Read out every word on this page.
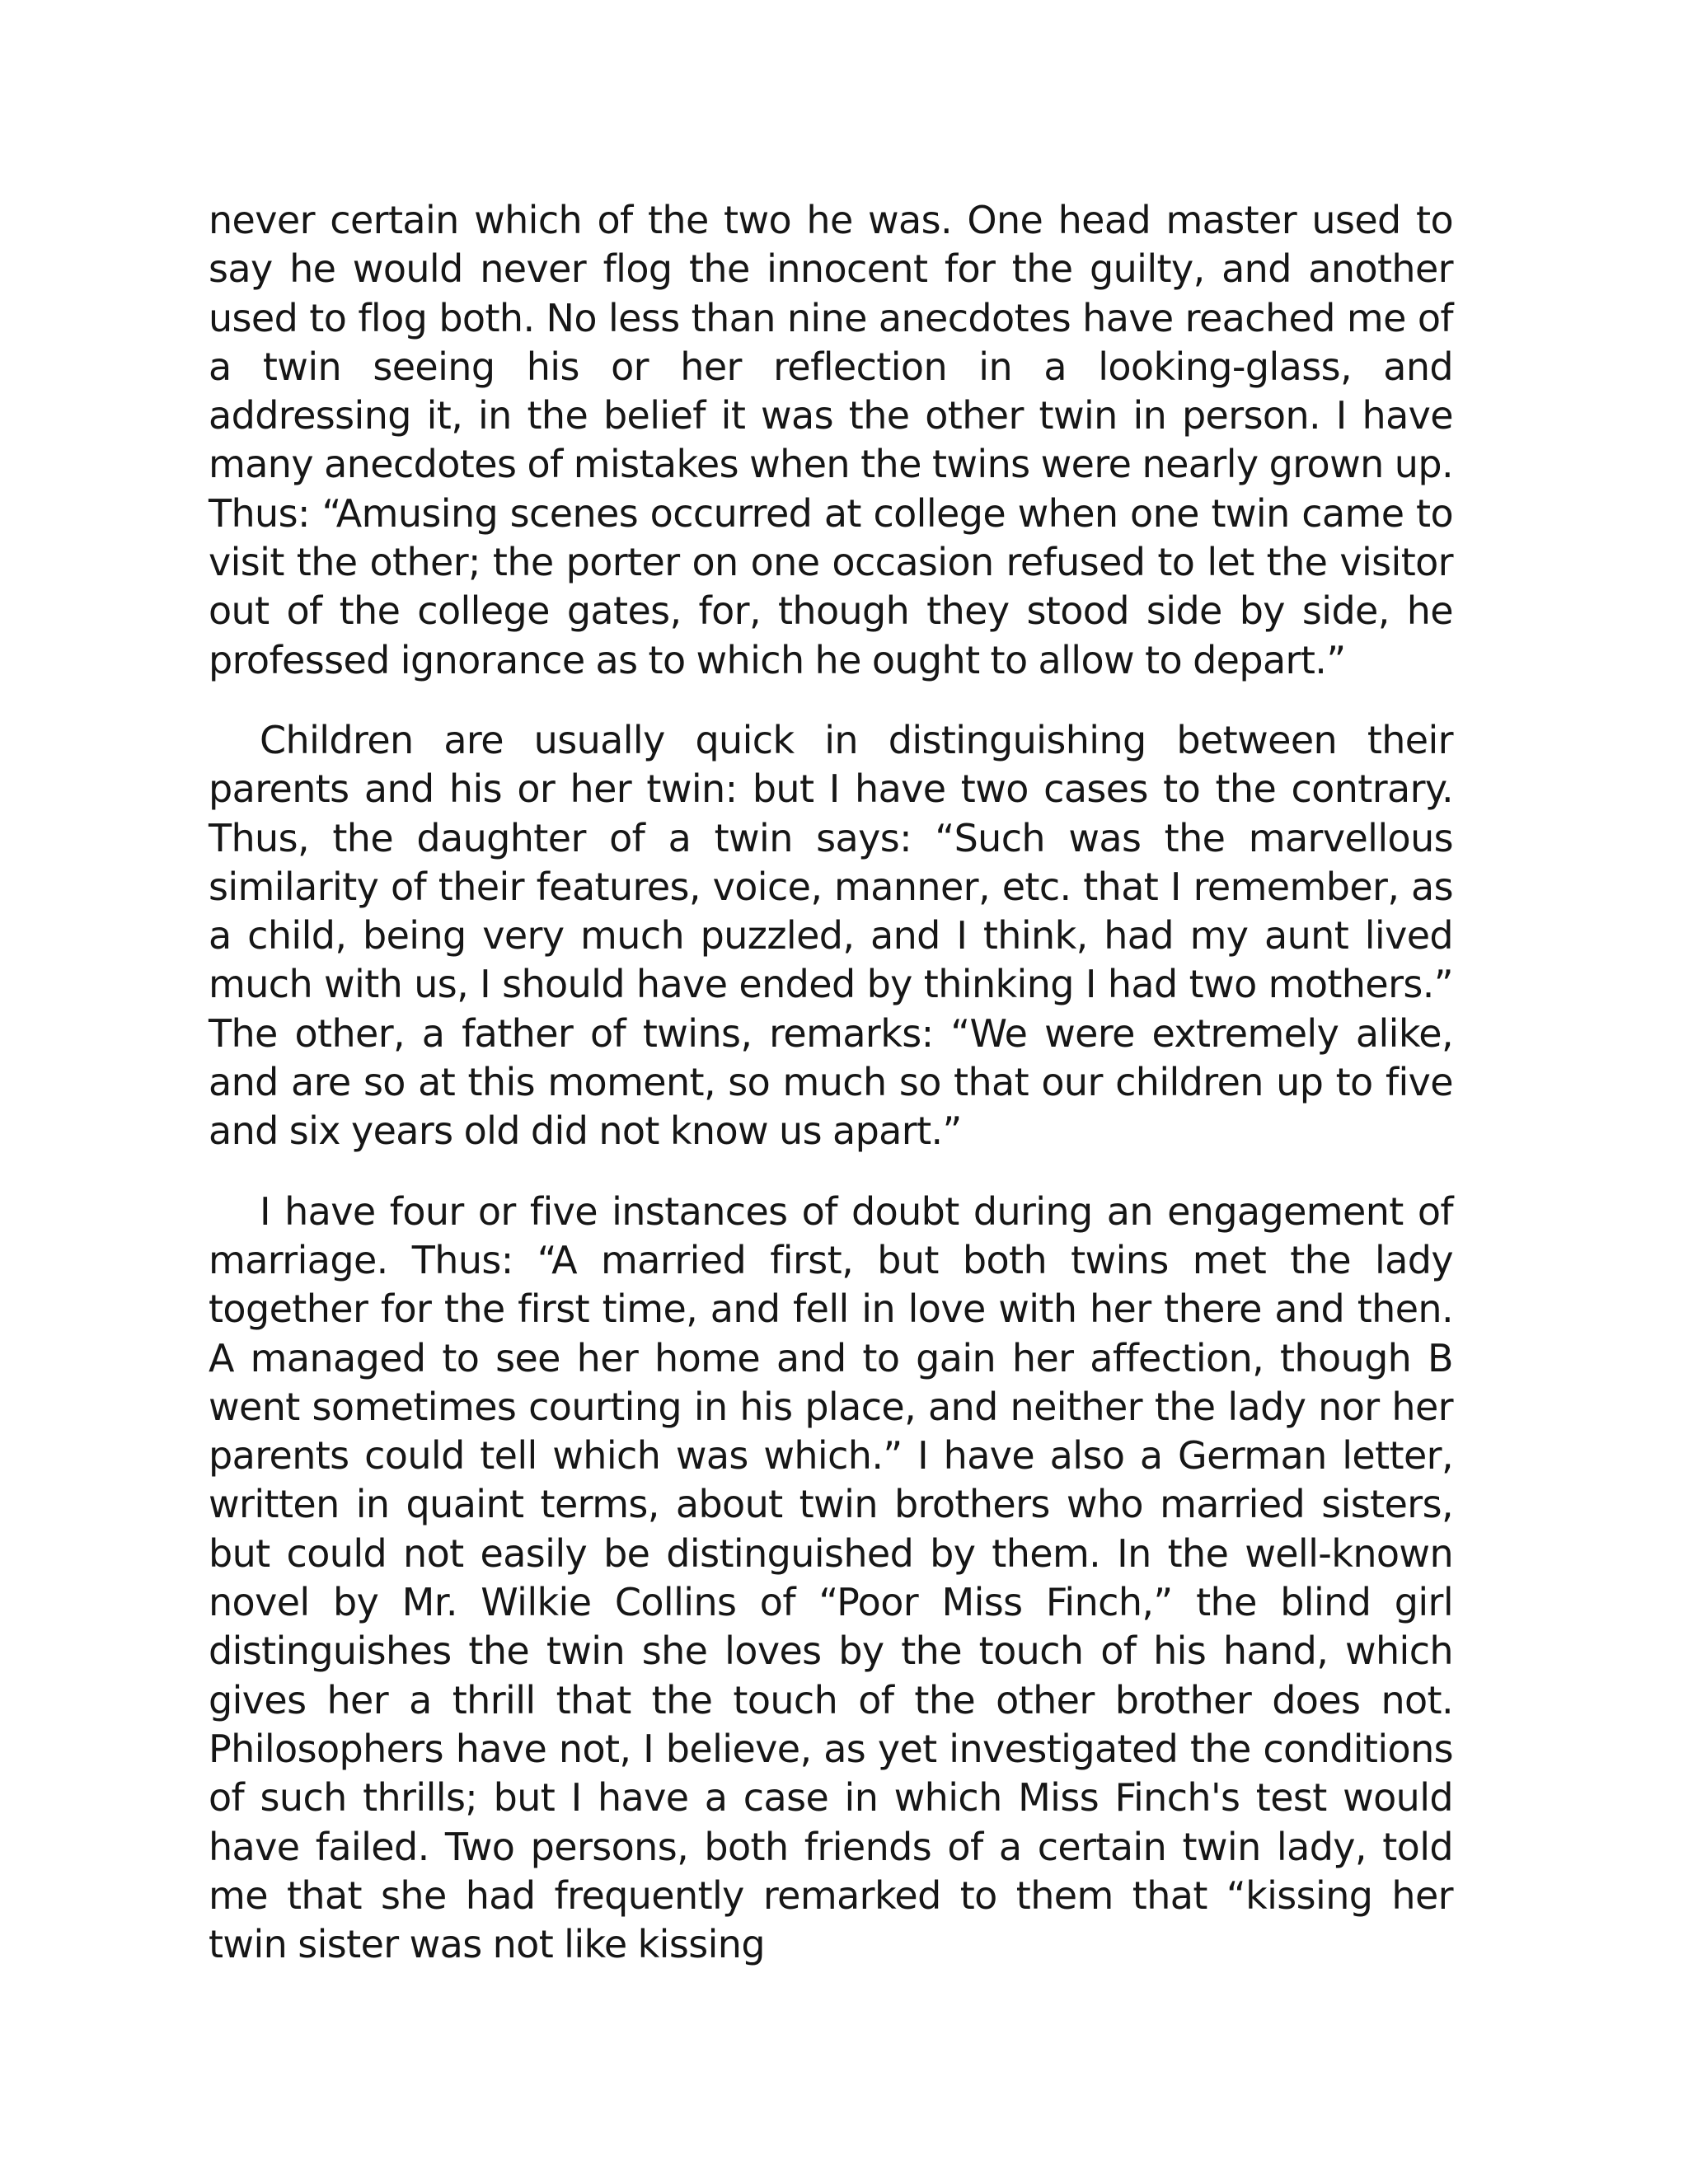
never certain which of the two he was. One head master used to say he would never flog the innocent for the guilty, and another used to flog both. No less than nine anecdotes have reached me of a twin seeing his or her reflection in a looking-glass, and addressing it, in the belief it was the other twin in person. I have many anecdotes of mistakes when the twins were nearly grown up. Thus: “Amusing scenes occurred at college when one twin came to visit the other; the porter on one occasion refused to let the visitor out of the college gates, for, though they stood side by side, he professed ignorance as to which he ought to allow to depart.”

Children are usually quick in distinguishing between their parents and his or her twin: but I have two cases to the contrary. Thus, the daughter of a twin says: “Such was the marvellous similarity of their features, voice, manner, etc. that I remember, as a child, being very much puzzled, and I think, had my aunt lived much with us, I should have ended by thinking I had two mothers.” The other, a father of twins, remarks: “We were extremely alike, and are so at this moment, so much so that our children up to five and six years old did not know us apart.”

I have four or five instances of doubt during an engagement of marriage. Thus: “A married first, but both twins met the lady together for the first time, and fell in love with her there and then. A managed to see her home and to gain her affection, though B went sometimes courting in his place, and neither the lady nor her parents could tell which was which.” I have also a German letter, written in quaint terms, about twin brothers who married sisters, but could not easily be distinguished by them. In the well-known novel by Mr. Wilkie Collins of “Poor Miss Finch,” the blind girl distinguishes the twin she loves by the touch of his hand, which gives her a thrill that the touch of the other brother does not. Philosophers have not, I believe, as yet investigated the conditions of such thrills; but I have a case in which Miss Finch's test would have failed. Two persons, both friends of a certain twin lady, told me that she had frequently remarked to them that “kissing her twin sister was not like kissing
